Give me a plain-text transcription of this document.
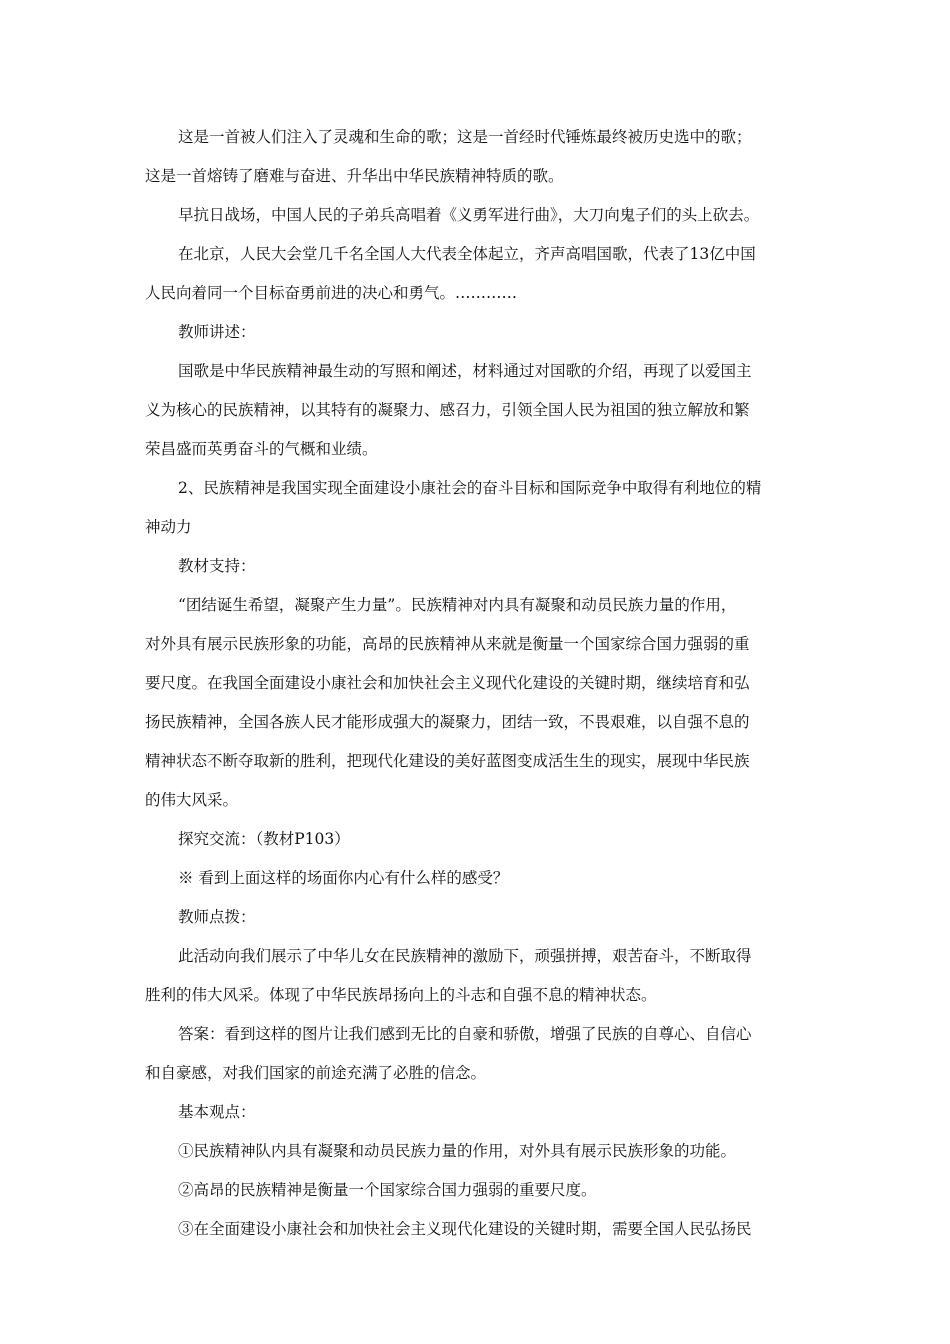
这是一首被人们注入了灵魂和生命的歌；这是一首经时代锤炼最终被历史选中的歌；
这是一首熔铸了磨难与奋进、升华出中华民族精神特质的歌。
早抗日战场，中国人民的子弟兵高唱着《义勇军进行曲》，大刀向鬼子们的头上砍去。
在北京，人民大会堂几千名全国人大代表全体起立，齐声高唱国歌，代表了13亿中国
人民向着同一个目标奋勇前进的决心和勇气。…………
教师讲述：
国歌是中华民族精神最生动的写照和阐述，材料通过对国歌的介绍，再现了以爱国主
义为核心的民族精神，以其特有的凝聚力、感召力，引领全国人民为祖国的独立解放和繁
荣昌盛而英勇奋斗的气概和业绩。
2、民族精神是我国实现全面建设小康社会的奋斗目标和国际竞争中取得有利地位的精
神动力
教材支持：
“团结诞生希望，凝聚产生力量”。民族精神对内具有凝聚和动员民族力量的作用，
对外具有展示民族形象的功能，高昂的民族精神从来就是衡量一个国家综合国力强弱的重
要尺度。在我国全面建设小康社会和加快社会主义现代化建设的关键时期，继续培育和弘
扬民族精神，全国各族人民才能形成强大的凝聚力，团结一致，不畏艰难，以自强不息的
精神状态不断夺取新的胜利，把现代化建设的美好蓝图变成活生生的现实，展现中华民族
的伟大风采。
探究交流：（教材P103）
※ 看到上面这样的场面你内心有什么样的感受？
教师点拨：
此活动向我们展示了中华儿女在民族精神的激励下，顽强拼搏，艰苦奋斗，不断取得
胜利的伟大风采。体现了中华民族昂扬向上的斗志和自强不息的精神状态。
答案：看到这样的图片让我们感到无比的自豪和骄傲，增强了民族的自尊心、自信心
和自豪感，对我们国家的前途充满了必胜的信念。
基本观点：
①民族精神队内具有凝聚和动员民族力量的作用，对外具有展示民族形象的功能。
②高昂的民族精神是衡量一个国家综合国力强弱的重要尺度。
③在全面建设小康社会和加快社会主义现代化建设的关键时期，需要全国人民弘扬民
